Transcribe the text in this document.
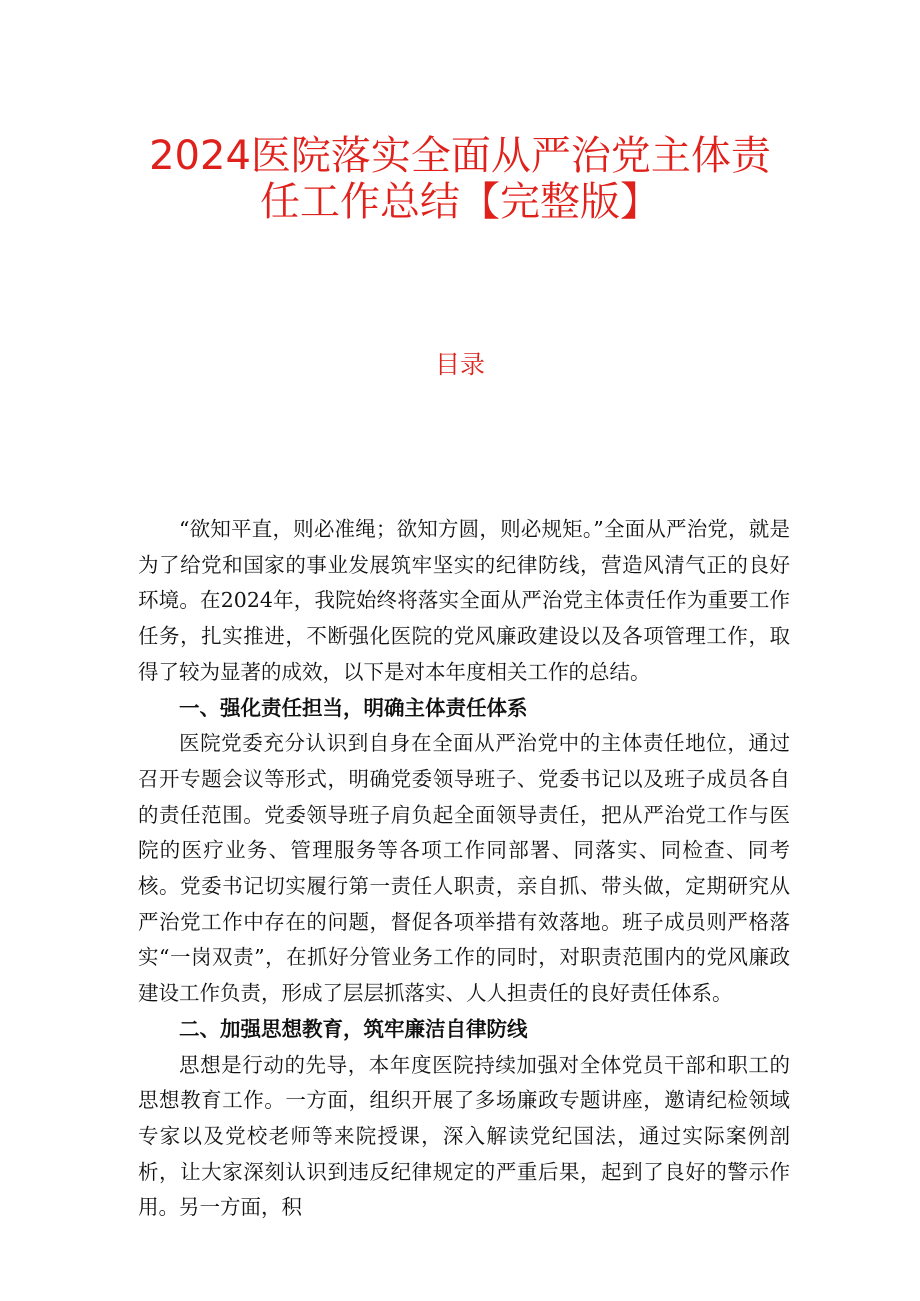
2024医院落实全面从严治党主体责
任工作总结【完整版】
目录

“欲知平直，则必准绳；欲知方圆，则必规矩。”全面从严治党，就是为了给党和国家的事业发展筑牢坚实的纪律防线，营造风清气正的良好环境。在2024年，我院始终将落实全面从严治党主体责任作为重要工作任务，扎实推进，不断强化医院的党风廉政建设以及各项管理工作，取得了较为显著的成效，以下是对本年度相关工作的总结。

一、强化责任担当，明确主体责任体系

医院党委充分认识到自身在全面从严治党中的主体责任地位，通过召开专题会议等形式，明确党委领导班子、党委书记以及班子成员各自的责任范围。党委领导班子肩负起全面领导责任，把从严治党工作与医院的医疗业务、管理服务等各项工作同部署、同落实、同检查、同考核。党委书记切实履行第一责任人职责，亲自抓、带头做，定期研究从严治党工作中存在的问题，督促各项举措有效落地。班子成员则严格落实“一岗双责”，在抓好分管业务工作的同时，对职责范围内的党风廉政建设工作负责，形成了层层抓落实、人人担责任的良好责任体系。

二、加强思想教育，筑牢廉洁自律防线

思想是行动的先导，本年度医院持续加强对全体党员干部和职工的思想教育工作。一方面，组织开展了多场廉政专题讲座，邀请纪检领域专家以及党校老师等来院授课，深入解读党纪国法，通过实际案例剖析，让大家深刻认识到违反纪律规定的严重后果，起到了良好的警示作用。另一方面，积
